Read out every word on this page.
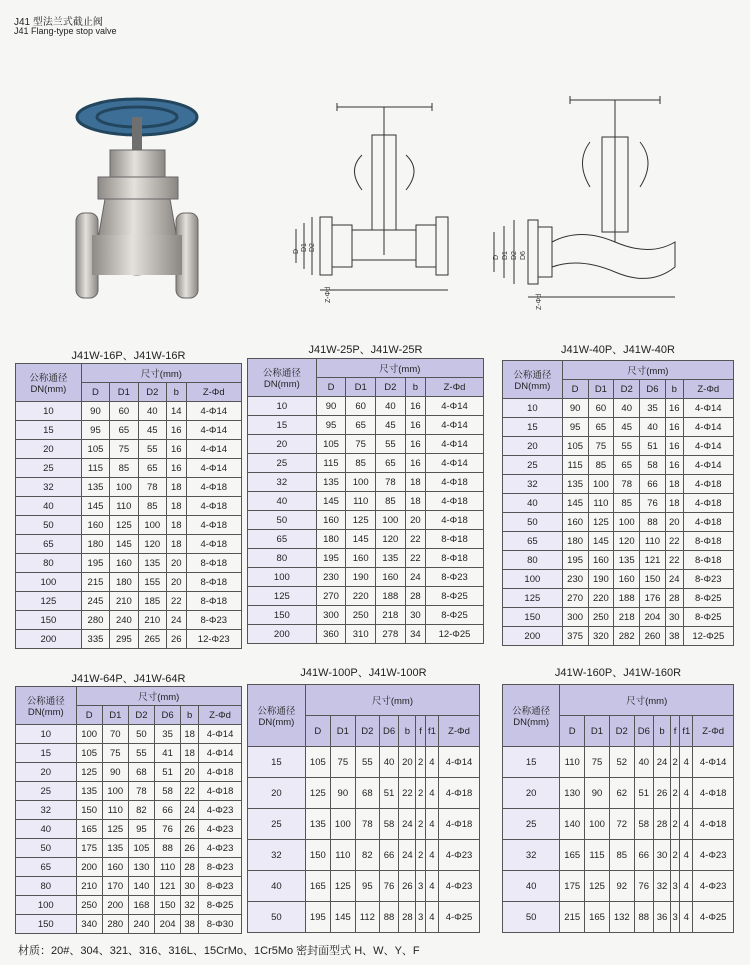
J41 型法兰式截止阀
J41 Flang-type stop valve
D D1 D2
Z-Φd
D D1 D2 D6
Z-Φd
J41W-16P、J41W-16R	J41W-25P、J41W-25R	J41W-40P、J41W-40R
J41W-64P、J41W-64R	J41W-100P、J41W-100R	J41W-160P、J41W-160R
公称通径
DN(mm)	尺寸(mm)				
	D	D1	D2	b	Z-Φd
10	90	60	40	14	4-Φ14
15	95	65	45	16	4-Φ14
20	105	75	55	16	4-Φ14
25	115	85	65	16	4-Φ14
32	135	100	78	18	4-Φ18
40	145	110	85	18	4-Φ18
50	160	125	100	18	4-Φ18
65	180	145	120	18	4-Φ18
80	195	160	135	20	8-Φ18
100	215	180	155	20	8-Φ18
125	245	210	185	22	8-Φ18
150	280	240	210	24	8-Φ23
200	335	295	265	26	12-Φ23
公称通径
DN(mm)	尺寸(mm)				
	D	D1	D2	b	Z-Φd
10	90	60	40	16	4-Φ14
15	95	65	45	16	4-Φ14
20	105	75	55	16	4-Φ14
25	115	85	65	16	4-Φ14
32	135	100	78	18	4-Φ18
40	145	110	85	18	4-Φ18
50	160	125	100	20	4-Φ18
65	180	145	120	22	8-Φ18
80	195	160	135	22	8-Φ18
100	230	190	160	24	8-Φ23
125	270	220	188	28	8-Φ25
150	300	250	218	30	8-Φ25
200	360	310	278	34	12-Φ25
公称通径
DN(mm)	尺寸(mm)					
	D	D1	D2	D6	b	Z-Φd
10	90	60	40	35	16	4-Φ14
15	95	65	45	40	16	4-Φ14
20	105	75	55	51	16	4-Φ14
25	115	85	65	58	16	4-Φ14
32	135	100	78	66	18	4-Φ18
40	145	110	85	76	18	4-Φ18
50	160	125	100	88	20	4-Φ18
65	180	145	120	110	22	8-Φ18
80	195	160	135	121	22	8-Φ18
100	230	190	160	150	24	8-Φ23
125	270	220	188	176	28	8-Φ25
150	300	250	218	204	30	8-Φ25
200	375	320	282	260	38	12-Φ25
公称通径
DN(mm)	尺寸(mm)					
	D	D1	D2	D6	b	Z-Φd
10	100	70	50	35	18	4-Φ14
15	105	75	55	41	18	4-Φ14
20	125	90	68	51	20	4-Φ18
25	135	100	78	58	22	4-Φ18
32	150	110	82	66	24	4-Φ23
40	165	125	95	76	26	4-Φ23
50	175	135	105	88	26	4-Φ23
65	200	160	130	110	28	8-Φ23
80	210	170	140	121	30	8-Φ23
100	250	200	168	150	32	8-Φ25
150	340	280	240	204	38	8-Φ30
公称通径
DN(mm)	尺寸(mm)							
	D	D1	D2	D6	b	f	f1	Z-Φd
15	105	75	55	40	20	2	4	4-Φ14
20	125	90	68	51	22	2	4	4-Φ18
25	135	100	78	58	24	2	4	4-Φ18
32	150	110	82	66	24	2	4	4-Φ23
40	165	125	95	76	26	3	4	4-Φ23
50	195	145	112	88	28	3	4	4-Φ25
公称通径
DN(mm)	尺寸(mm)							
	D	D1	D2	D6	b	f	f1	Z-Φd
15	110	75	52	40	24	2	4	4-Φ14
20	130	90	62	51	26	2	4	4-Φ18
25	140	100	72	58	28	2	4	4-Φ18
32	165	115	85	66	30	2	4	4-Φ23
40	175	125	92	76	32	3	4	4-Φ23
50	215	165	132	88	36	3	4	4-Φ25
材质：20#、304、321、316、316L、15CrMo、1Cr5Mo 密封面型式 H、W、Y、F
